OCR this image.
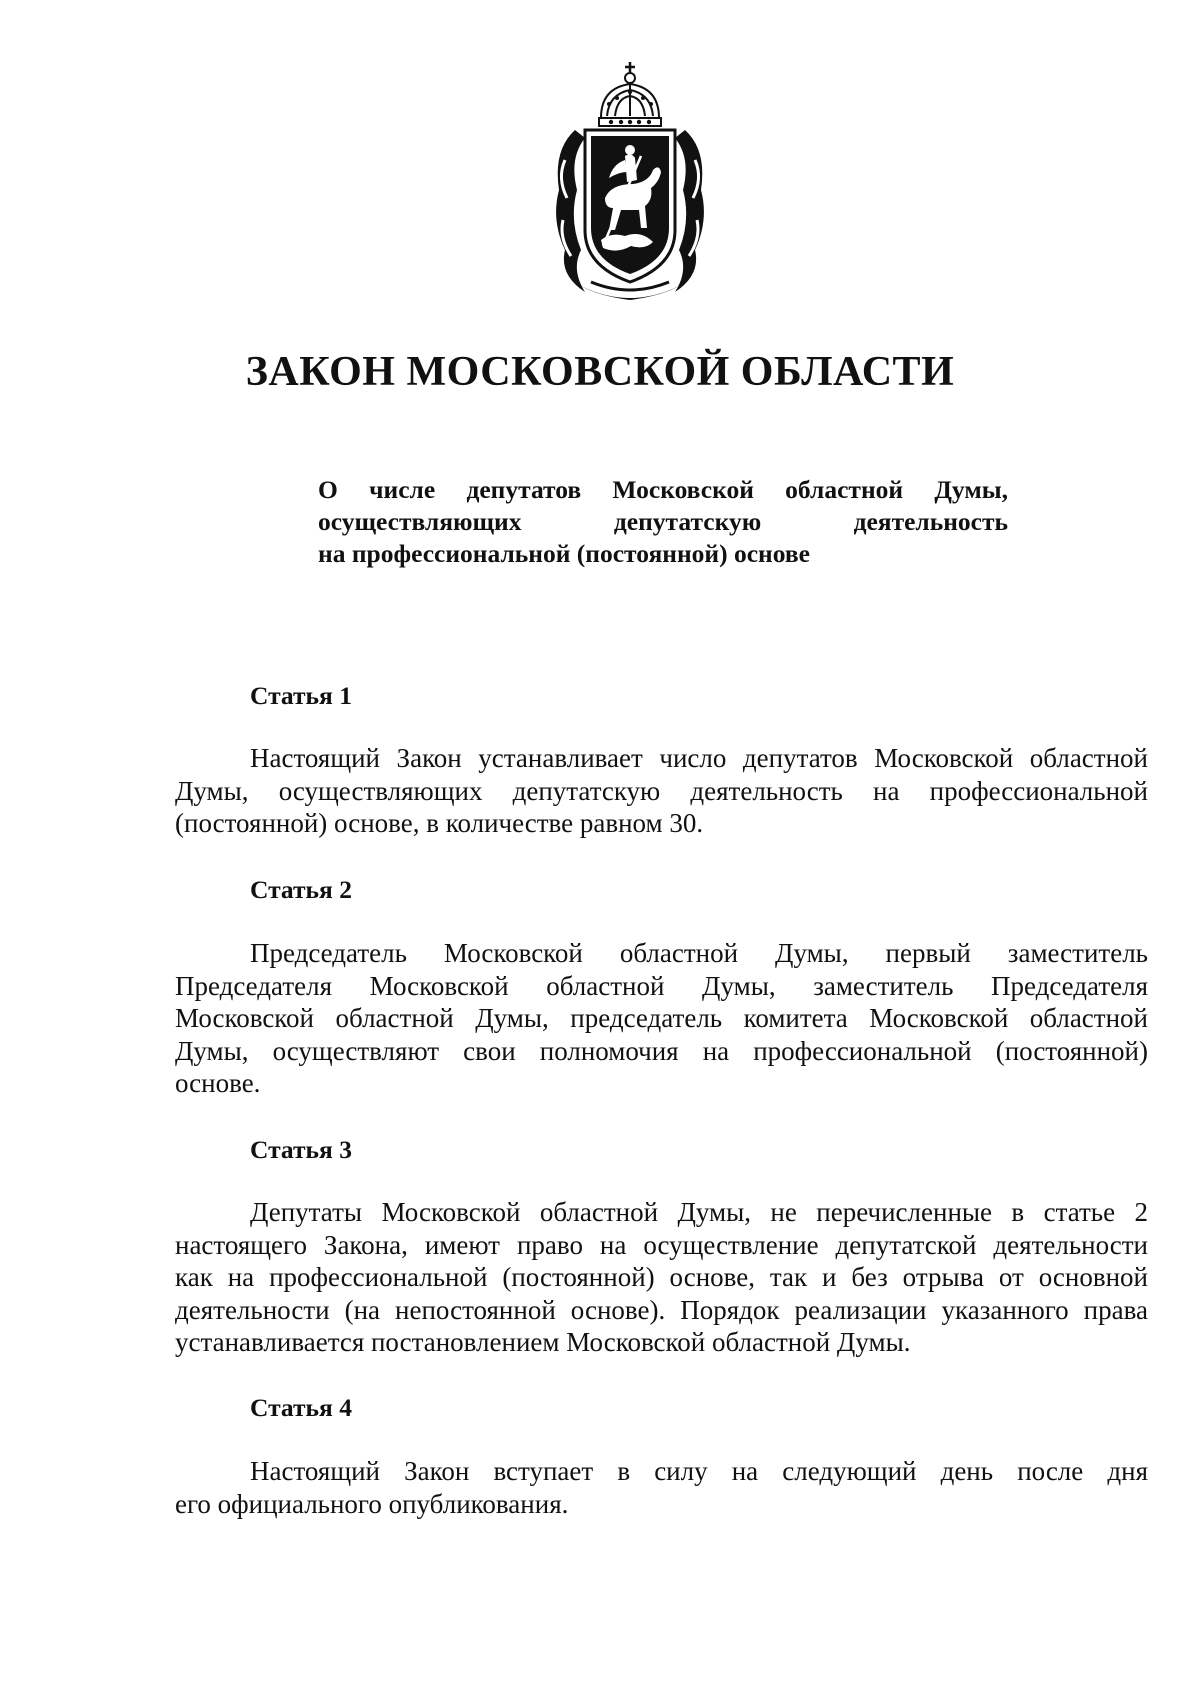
ЗАКОН МОСКОВСКОЙ ОБЛАСТИ
О числе депутатов Московской областной Думы,
осуществляющих депутатскую деятельность
на профессиональной (постоянной) основе
Статья 1
Настоящий Закон устанавливает число депутатов Московской областной
Думы, осуществляющих депутатскую деятельность на профессиональной
(постоянной) основе, в количестве равном 30.
Статья 2
Председатель Московской областной Думы, первый заместитель
Председателя Московской областной Думы, заместитель Председателя
Московской областной Думы, председатель комитета Московской областной
Думы, осуществляют свои полномочия на профессиональной (постоянной)
основе.
Статья 3
Депутаты Московской областной Думы, не перечисленные в статье 2
настоящего Закона, имеют право на осуществление депутатской деятельности
как на профессиональной (постоянной) основе, так и без отрыва от основной
деятельности (на непостоянной основе). Порядок реализации указанного права
устанавливается постановлением Московской областной Думы.
Статья 4
Настоящий Закон вступает в силу на следующий день после дня
его официального опубликования.
